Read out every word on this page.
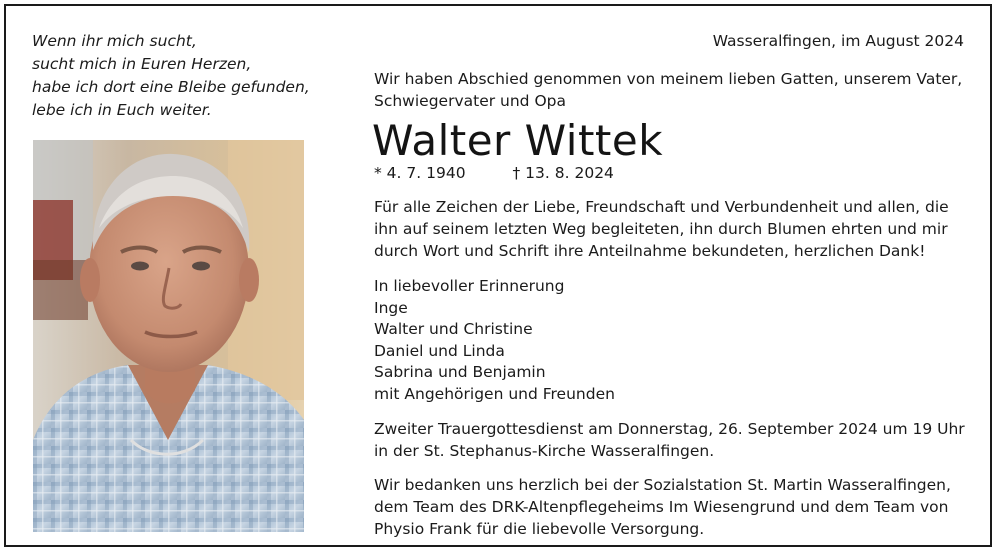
Wenn ihr mich sucht,
sucht mich in Euren Herzen,
habe ich dort eine Bleibe gefunden,
lebe ich in Euch weiter.
Wasseralfingen, im August 2024
Wir haben Abschied genommen von meinem lieben Gatten, unserem Vater,
Schwiegervater und Opa
Walter Wittek
* 4. 7. 1940	† 13. 8. 2024
Für alle Zeichen der Liebe, Freundschaft und Verbundenheit und allen, die
ihn auf seinem letzten Weg begleiteten, ihn durch Blumen ehrten und mir
durch Wort und Schrift ihre Anteilnahme bekundeten, herzlichen Dank!
In liebevoller Erinnerung
Inge
Walter und Christine
Daniel und Linda
Sabrina und Benjamin
mit Angehörigen und Freunden
Zweiter Trauergottesdienst am Donnerstag, 26. September 2024 um 19 Uhr
in der St. Stephanus-Kirche Wasseralfingen.
Wir bedanken uns herzlich bei der Sozialstation St. Martin Wasseralfingen,
dem Team des DRK-Altenpflegeheims Im Wiesengrund und dem Team von
Physio Frank für die liebevolle Versorgung.
